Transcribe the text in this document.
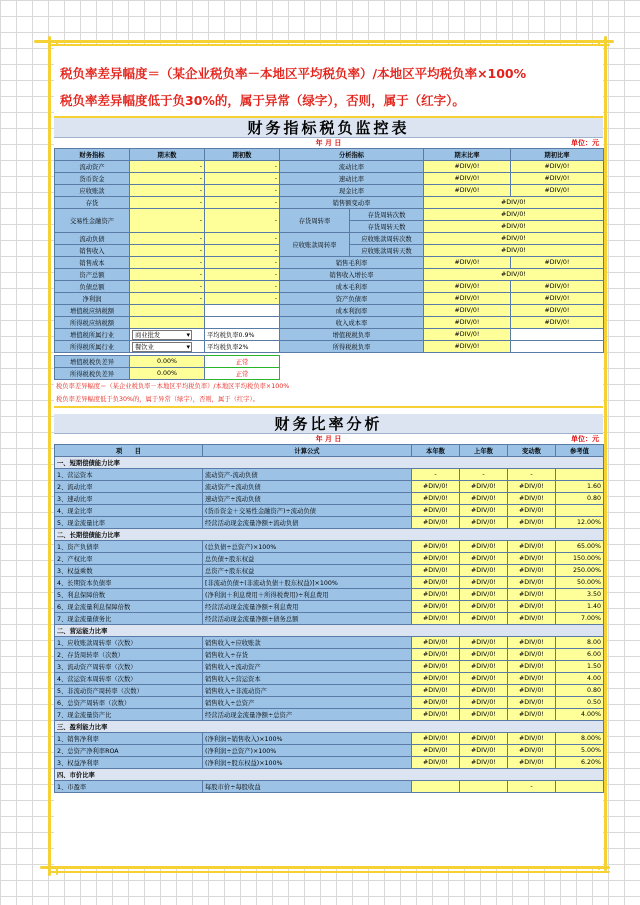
税负率差异幅度＝（某企业税负率－本地区平均税负率）/本地区平均税负率×100%
税负率差异幅度低于负30%的，属于异常（绿字），否则，属于（红字）。
财务指标税负监控表
年 月 日	单位：元
财务指标	期末数	期初数	分析指标		期末比率	期初比率
流动资产	-	-	流动比率		#DIV/0!	#DIV/0!
货币资金	-	-	速动比率		#DIV/0!	#DIV/0!
应收账款	-	-	现金比率		#DIV/0!	#DIV/0!
存货	-	-	销售额变动率		#DIV/0!	
交易性金融资产	-	-	存货周转率	存货周转次数	#DIV/0!	
				存货周转天数	#DIV/0!	
流动负债	-	-	应收账款周转率	应收账款周转次数	#DIV/0!	
销售收入	-	-		应收账款周转天数	#DIV/0!	
销售成本	-	-	销售毛利率		#DIV/0!	#DIV/0!
资产总额	-	-	销售收入增长率		#DIV/0!	
负债总额	-	-	成本毛利率		#DIV/0!	#DIV/0!
净利润	-	-	资产负债率		#DIV/0!	#DIV/0!
增值税应纳税额			成本利润率		#DIV/0!	#DIV/0!
所得税应纳税额			收入成本率		#DIV/0!	#DIV/0!
增值税所属行业	商业批发 ▾	平均税负率0.9%	增值税税负率		#DIV/0!	
所得税所属行业	餐饮业 ▾	平均税负率2%	所得税税负率		#DIV/0!	
增值税税负差异	0.00%	正常
所得税税负差异	0.00%	正常
税负率差异幅度＝（某企业税负率－本地区平均税负率）/本地区平均税负率×100%
税负率差异幅度低于负30%的，属于异常（绿字），否则，属于（红字）。
财务比率分析
年 月 日	单位：元
项　　目	计算公式	本年数	上年数	变动数	参考值
一、短期偿债能力比率					
1、营运资本	流动资产-流动负债	-	-	-	
2、流动比率	流动资产÷流动负债	#DIV/0!	#DIV/0!	#DIV/0!	1.60
3、速动比率	速动资产÷流动负债	#DIV/0!	#DIV/0!	#DIV/0!	0.80
4、现金比率	(货币资金＋交易性金融资产)÷流动负债	#DIV/0!	#DIV/0!	#DIV/0!	
5、现金流量比率	经营活动现金流量净额÷流动负债	#DIV/0!	#DIV/0!	#DIV/0!	12.00%
二、长期偿债能力比率					
1、资产负债率	(总负债÷总资产)×100%	#DIV/0!	#DIV/0!	#DIV/0!	65.00%
2、产权比率	总负债÷股东权益	#DIV/0!	#DIV/0!	#DIV/0!	150.00%
3、权益乘数	总资产÷股东权益	#DIV/0!	#DIV/0!	#DIV/0!	250.00%
4、长期资本负债率	[非流动负债÷(非流动负债＋股东权益)]×100%	#DIV/0!	#DIV/0!	#DIV/0!	50.00%
5、利息保障倍数	(净利润＋利息费用＋所得税费用)÷利息费用	#DIV/0!	#DIV/0!	#DIV/0!	3.50
6、现金流量利息保障倍数	经营活动现金流量净额÷利息费用	#DIV/0!	#DIV/0!	#DIV/0!	1.40
7、现金流量债务比	经营活动现金流量净额÷债务总额	#DIV/0!	#DIV/0!	#DIV/0!	7.00%
二、营运能力比率					
1、应收账款周转率（次数）	销售收入÷应收账款	#DIV/0!	#DIV/0!	#DIV/0!	8.00
2、存货周转率（次数）	销售收入÷存货	#DIV/0!	#DIV/0!	#DIV/0!	6.00
3、流动资产周转率（次数）	销售收入÷流动资产	#DIV/0!	#DIV/0!	#DIV/0!	1.50
4、营运资本周转率（次数）	销售收入÷营运资本	#DIV/0!	#DIV/0!	#DIV/0!	4.00
5、非流动资产周转率（次数）	销售收入÷非流动资产	#DIV/0!	#DIV/0!	#DIV/0!	0.80
6、总资产周转率（次数）	销售收入÷总资产	#DIV/0!	#DIV/0!	#DIV/0!	0.50
7、现金流量资产比	经营活动现金流量净额÷总资产	#DIV/0!	#DIV/0!	#DIV/0!	4.00%
三、盈利能力比率					
1、销售净利率	(净利润÷销售收入)×100%	#DIV/0!	#DIV/0!	#DIV/0!	8.00%
2、总资产净利率ROA	(净利润÷总资产)×100%	#DIV/0!	#DIV/0!	#DIV/0!	5.00%
3、权益净利率	(净利润÷股东权益)×100%	#DIV/0!	#DIV/0!	#DIV/0!	6.20%
四、市价比率					
1、市盈率	每股市价÷每股收益			-	
